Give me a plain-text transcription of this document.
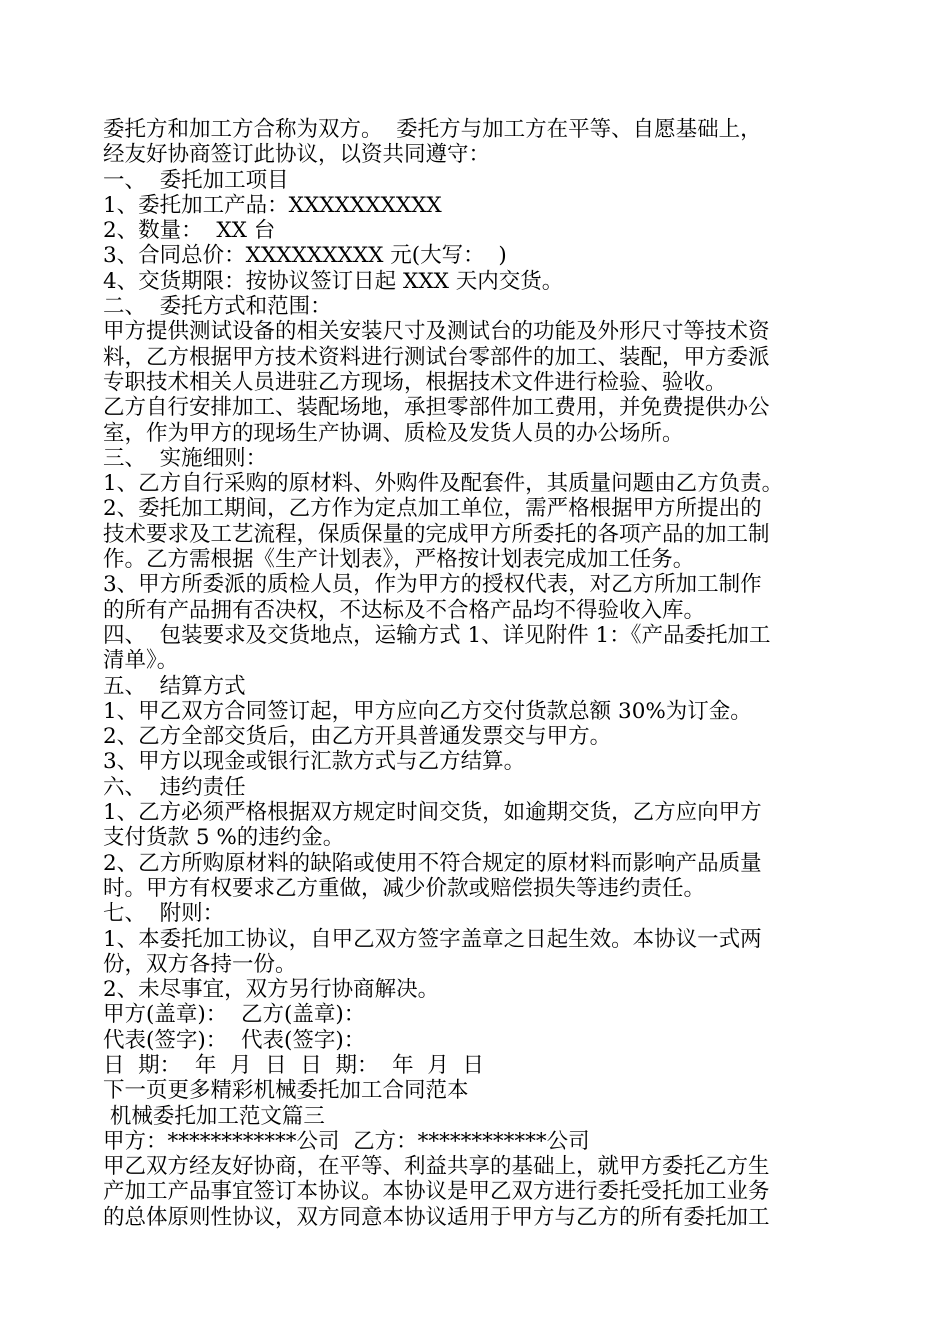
委托方和加工方合称为双方。  委托方与加工方在平等、自愿基础上，
经友好协商签订此协议，以资共同遵守：
一、  委托加工项目
1、委托加工产品：XXXXXXXXXX
2、数量：  XX 台
3、合同总价：XXXXXXXXX 元(大写：  )
4、交货期限：按协议签订日起 XXX 天内交货。
二、  委托方式和范围：
甲方提供测试设备的相关安装尺寸及测试台的功能及外形尺寸等技术资
料，乙方根据甲方技术资料进行测试台零部件的加工、装配，甲方委派
专职技术相关人员进驻乙方现场，根据技术文件进行检验、验收。
乙方自行安排加工、装配场地，承担零部件加工费用，并免费提供办公
室，作为甲方的现场生产协调、质检及发货人员的办公场所。
三、  实施细则：
1、乙方自行采购的原材料、外购件及配套件，其质量问题由乙方负责。
2、委托加工期间，乙方作为定点加工单位，需严格根据甲方所提出的
技术要求及工艺流程，保质保量的完成甲方所委托的各项产品的加工制
作。乙方需根据《生产计划表》，严格按计划表完成加工任务。
3、甲方所委派的质检人员，作为甲方的授权代表，对乙方所加工制作
的所有产品拥有否决权，不达标及不合格产品均不得验收入库。
四、  包装要求及交货地点，运输方式 1、详见附件 1：《产品委托加工
清单》。
五、  结算方式
1、甲乙双方合同签订起，甲方应向乙方交付货款总额 30%为订金。
2、乙方全部交货后，由乙方开具普通发票交与甲方。
3、甲方以现金或银行汇款方式与乙方结算。
六、  违约责任
1、乙方必须严格根据双方规定时间交货，如逾期交货，乙方应向甲方
支付货款 5 %的违约金。
2、乙方所购原材料的缺陷或使用不符合规定的原材料而影响产品质量
时。甲方有权要求乙方重做，减少价款或赔偿损失等违约责任。
七、  附则：
1、本委托加工协议，自甲乙双方签字盖章之日起生效。本协议一式两
份，双方各持一份。
2、未尽事宜，双方另行协商解决。
甲方(盖章)：  乙方(盖章)：
代表(签字)：  代表(签字)：
日  期：  年  月  日  日  期：  年  月  日
下一页更多精彩机械委托加工合同范本
机械委托加工范文篇三
甲方：************公司  乙方：************公司
甲乙双方经友好协商，在平等、利益共享的基础上，就甲方委托乙方生
产加工产品事宜签订本协议。本协议是甲乙双方进行委托受托加工业务
的总体原则性协议，双方同意本协议适用于甲方与乙方的所有委托加工
